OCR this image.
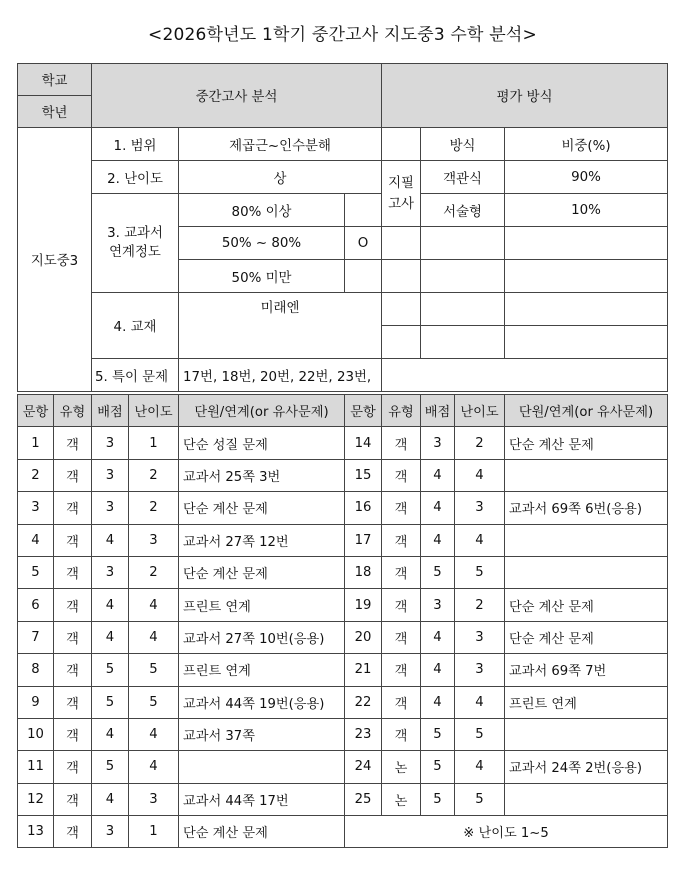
<2026학년도 1학기 중간고사 지도중3 수학 분석>
학교	중간고사 분석			평가 방식		
학년						
지도중3	1. 범위	제곱근~인수분해			방식	비중(%)
	2. 난이도	상		지필고사	객관식	90%
	3. 교과서 연계정도	80% 이상			서술형	10%
		50% ~ 80%	O			
		50% 미만				
	4. 교재	미래엔				

	5. 특이 문제	17번, 18번, 20번, 22번, 23번,				
문항	유형	배점	난이도	단원/연계(or 유사문제)	문항	유형	배점	난이도	단원/연계(or 유사문제)
1	객	3	1	단순 성질 문제	14	객	3	2	단순 계산 문제
2	객	3	2	교과서 25쪽 3번	15	객	4	4	
3	객	3	2	단순 계산 문제	16	객	4	3	교과서 69쪽 6번(응용)
4	객	4	3	교과서 27쪽 12번	17	객	4	4	
5	객	3	2	단순 계산 문제	18	객	5	5	
6	객	4	4	프린트 연계	19	객	3	2	단순 계산 문제
7	객	4	4	교과서 27쪽 10번(응용)	20	객	4	3	단순 계산 문제
8	객	5	5	프린트 연계	21	객	4	3	교과서 69쪽 7번
9	객	5	5	교과서 44쪽 19번(응용)	22	객	4	4	프린트 연계
10	객	4	4	교과서 37쪽	23	객	5	5	
11	객	5	4		24	논	5	4	교과서 24쪽 2번(응용)
12	객	4	3	교과서 44쪽 17번	25	논	5	5	
13	객	3	1	단순 계산 문제	※ 난이도 1~5				
